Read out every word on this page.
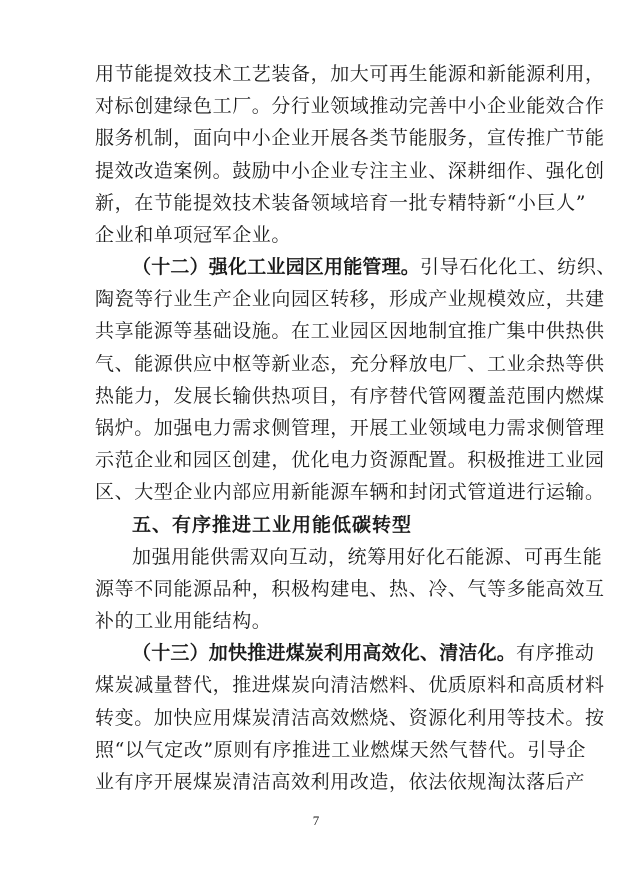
用节能提效技术工艺装备，加大可再生能源和新能源利用，
对标创建绿色工厂。分行业领域推动完善中小企业能效合作
服务机制，面向中小企业开展各类节能服务，宣传推广节能
提效改造案例。鼓励中小企业专注主业、深耕细作、强化创
新，在节能提效技术装备领域培育一批专精特新“小巨人”
企业和单项冠军企业。
（十二）强化工业园区用能管理。引导石化化工、纺织、
陶瓷等行业生产企业向园区转移，形成产业规模效应，共建
共享能源等基础设施。在工业园区因地制宜推广集中供热供
气、能源供应中枢等新业态，充分释放电厂、工业余热等供
热能力，发展长输供热项目，有序替代管网覆盖范围内燃煤
锅炉。加强电力需求侧管理，开展工业领域电力需求侧管理
示范企业和园区创建，优化电力资源配置。积极推进工业园
区、大型企业内部应用新能源车辆和封闭式管道进行运输。
五、有序推进工业用能低碳转型
加强用能供需双向互动，统筹用好化石能源、可再生能
源等不同能源品种，积极构建电、热、冷、气等多能高效互
补的工业用能结构。
（十三）加快推进煤炭利用高效化、清洁化。有序推动
7
煤炭减量替代，推进煤炭向清洁燃料、优质原料和高质材料
转变。加快应用煤炭清洁高效燃烧、资源化利用等技术。按
照“以气定改”原则有序推进工业燃煤天然气替代。引导企
业有序开展煤炭清洁高效利用改造，依法依规淘汰落后产
